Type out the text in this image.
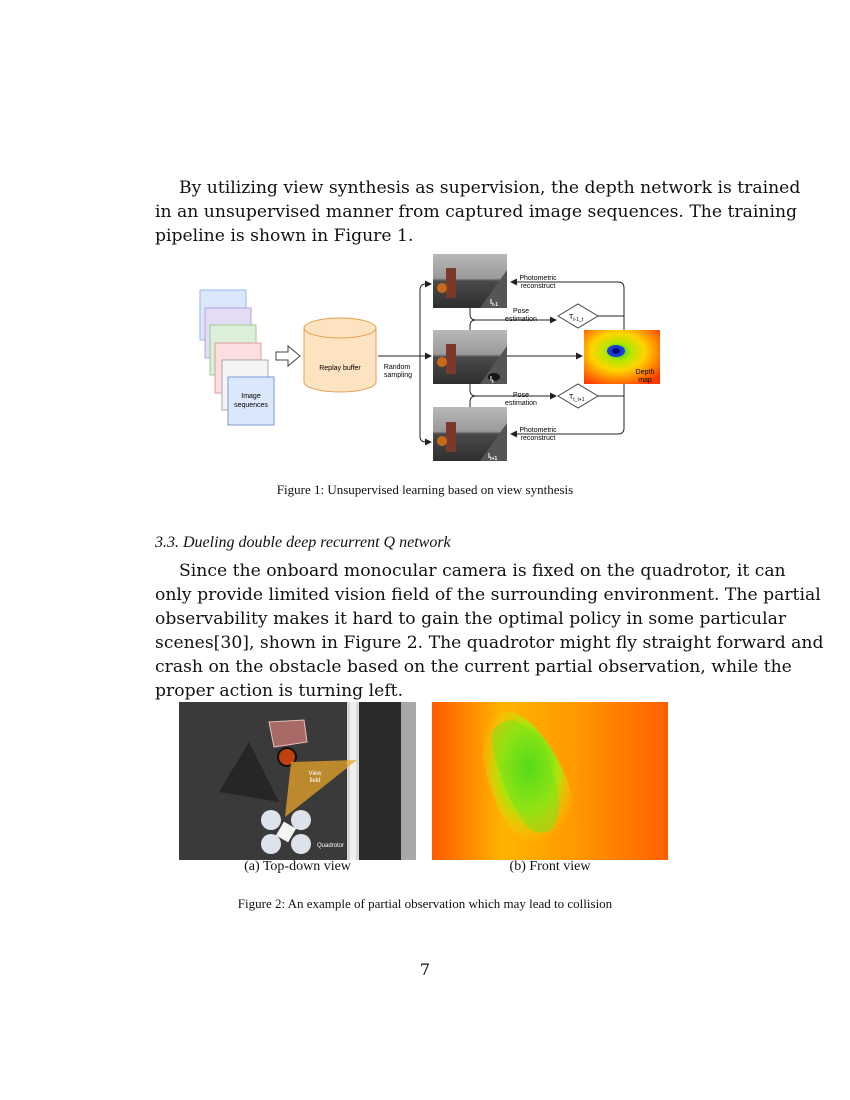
By utilizing view synthesis as supervision, the depth network is trained
in an unsupervised manner from captured image sequences. The training
pipeline is shown in Figure 1.

Image sequences
Replay buffer	Random sampling
$I_{t-1}$
$I_t$
$I_{t+1}$
Pose estimation
Pose estimation
$T_{t-1\_t}$
$T_{t\_t+1}$
Depth map
Photometric reconstruct
Photometric reconstruct
Figure 1: Unsupervised learning based on view synthesis
3.3. Dueling double deep recurrent Q network

Since the onboard monocular camera is fixed on the quadrotor, it can
only provide limited vision field of the surrounding environment. The partial
observability makes it hard to gain the optimal policy in some particular
scenes[30], shown in Figure 2. The quadrotor might fly straight forward and
crash on the obstacle based on the current partial observation, while the
proper action is turning left.

View field
Quadrotor
(a) Top-down view	(b) Front view
Figure 2: An example of partial observation which may lead to collision
7
